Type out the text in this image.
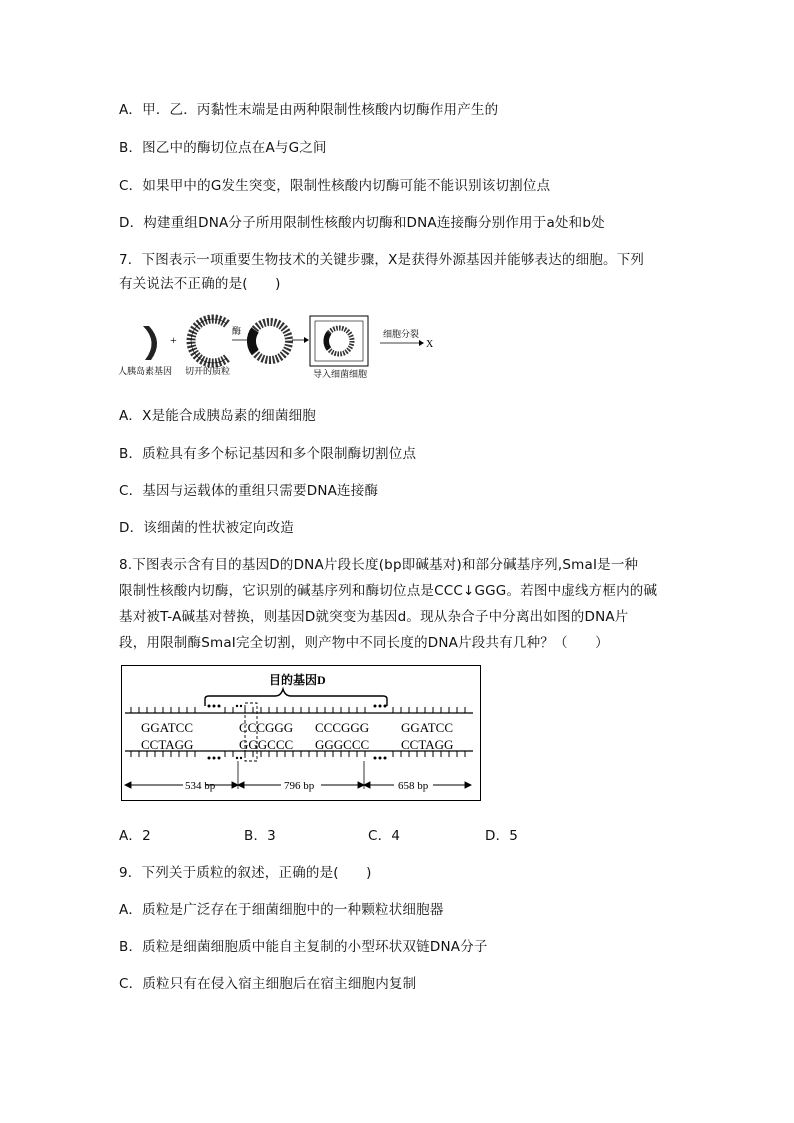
A．甲．乙．丙黏性末端是由两种限制性核酸内切酶作用产生的
B．图乙中的酶切位点在A与G之间
C．如果甲中的G发生突变，限制性核酸内切酶可能不能识别该切割位点
D．构建重组DNA分子所用限制性核酸内切酶和DNA连接酶分别作用于a处和b处
7．下图表示一项重要生物技术的关键步骤，X是获得外源基因并能够表达的细胞。下列
有关说法不正确的是(　　)
人胰岛素基因
+
切开的质粒
酶
导入细菌细胞
细胞分裂
X
A．X是能合成胰岛素的细菌细胞
B．质粒具有多个标记基因和多个限制酶切割位点
C．基因与运载体的重组只需要DNA连接酶
D．该细菌的性状被定向改造
8.下图表示含有目的基因D的DNA片段长度(bp即碱基对)和部分碱基序列,SmaⅠ是一种
限制性核酸内切酶，它识别的碱基序列和酶切位点是CCC↓GGG。若图中虚线方框内的碱
基对被T-A碱基对替换，则基因D就突变为基因d。现从杂合子中分离出如图的DNA片
段，用限制酶SmaⅠ完全切割，则产物中不同长度的DNA片段共有几种？（　　）
目的基因D
GGATCC	CCCGGG CCCGGG GGATCC
CCTAGG	GGGCCC GGGCCC CCTAGG
534 bp	796 bp	658 bp
A．2	B．3	C．4	D．5
9．下列关于质粒的叙述，正确的是(　　)
A．质粒是广泛存在于细菌细胞中的一种颗粒状细胞器
B．质粒是细菌细胞质中能自主复制的小型环状双链DNA分子
C．质粒只有在侵入宿主细胞后在宿主细胞内复制
